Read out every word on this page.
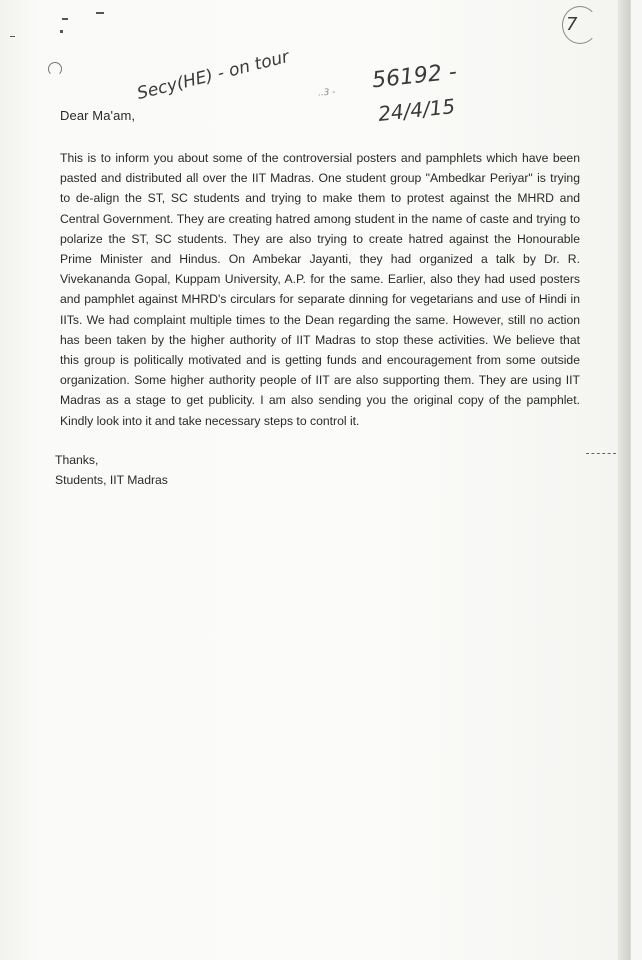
7
Secy(HE) - on tour	..3 - 56192 -
24/4/15
Dear Ma'am,
This is to inform you about some of the controversial posters and pamphlets which have been
pasted and distributed all over the IIT Madras. One student group "Ambedkar Periyar" is trying
to de-align the ST, SC students and trying to make them to protest against the MHRD and
Central Government. They are creating hatred among student in the name of caste and trying to
polarize the ST, SC students. They are also trying to create hatred against the Honourable
Prime Minister and Hindus. On Ambekar Jayanti, they had organized a talk by Dr. R.
Vivekananda Gopal, Kuppam University, A.P. for the same. Earlier, also they had used posters
and pamphlet against MHRD's circulars for separate dinning for vegetarians and use of Hindi in
IITs. We had complaint multiple times to the Dean regarding the same. However, still no action
has been taken by the higher authority of IIT Madras to stop these activities. We believe that
this group is politically motivated and is getting funds and encouragement from some outside
organization. Some higher authority people of IIT are also supporting them. They are using IIT
Madras as a stage to get publicity. I am also sending you the original copy of the pamphlet.
Kindly look into it and take necessary steps to control it.
Thanks,
Students, IIT Madras
